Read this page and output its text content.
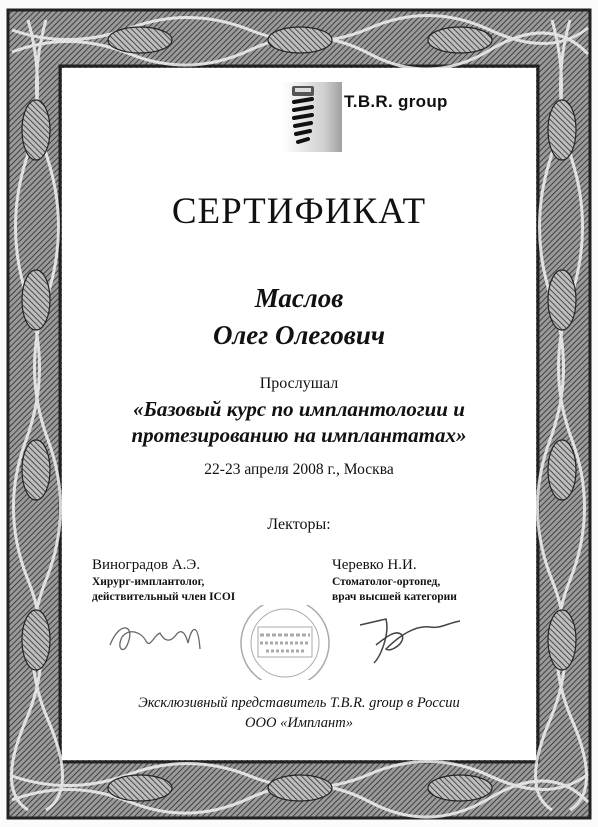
T.B.R. group
СЕРТИФИКАТ
Маслов
Олег Олегович
Прослушал
«Базовый курс по имплантологии и
протезированию на имплантатах»
22-23 апреля 2008 г., Москва
Лекторы:
Виноградов А.Э.
Хирург-имплантолог,
действительный член ICOI
Черевко Н.И.
Стоматолог-ортопед,
врач высшей категории
Эксклюзивный представитель T.B.R. group в России
ООО «Имплант»
